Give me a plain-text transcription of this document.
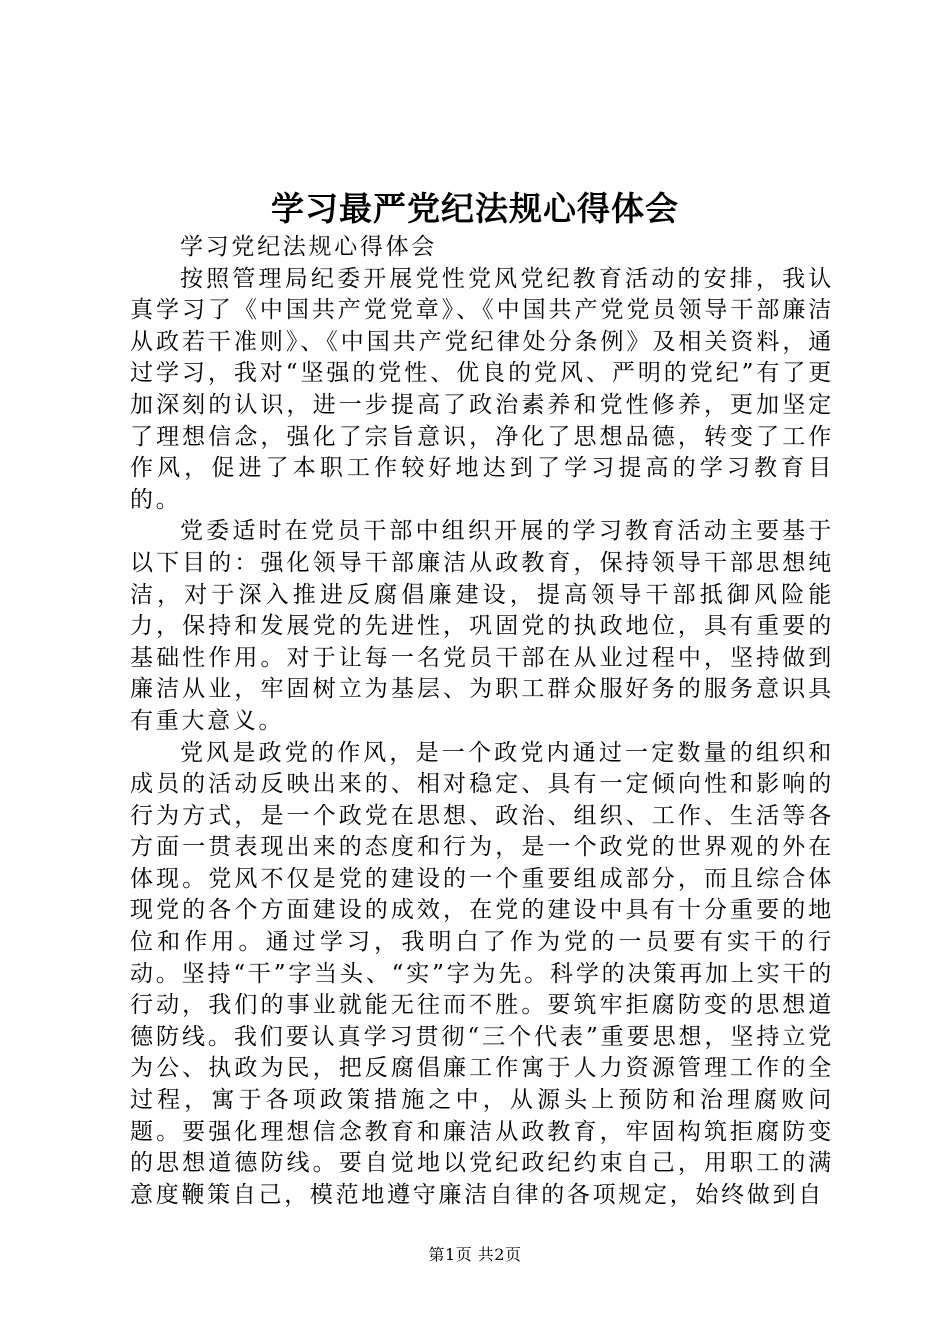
学习最严党纪法规心得体会

学习党纪法规心得体会

按照管理局纪委开展党性党风党纪教育活动的安排，我认真学习了《中国共产党党章》、《中国共产党党员领导干部廉洁从政若干准则》、《中国共产党纪律处分条例》及相关资料，通过学习，我对“坚强的党性、优良的党风、严明的党纪”有了更加深刻的认识，进一步提高了政治素养和党性修养，更加坚定了理想信念，强化了宗旨意识，净化了思想品德，转变了工作作风，促进了本职工作较好地达到了学习提高的学习教育目的。

党委适时在党员干部中组织开展的学习教育活动主要基于以下目的：强化领导干部廉洁从政教育，保持领导干部思想纯洁，对于深入推进反腐倡廉建设，提高领导干部抵御风险能力，保持和发展党的先进性，巩固党的执政地位，具有重要的基础性作用。对于让每一名党员干部在从业过程中，坚持做到廉洁从业，牢固树立为基层、为职工群众服好务的服务意识具有重大意义。

党风是政党的作风，是一个政党内通过一定数量的组织和成员的活动反映出来的、相对稳定、具有一定倾向性和影响的行为方式，是一个政党在思想、政治、组织、工作、生活等各方面一贯表现出来的态度和行为，是一个政党的世界观的外在体现。党风不仅是党的建设的一个重要组成部分，而且综合体现党的各个方面建设的成效，在党的建设中具有十分重要的地位和作用。通过学习，我明白了作为党的一员要有实干的行动。坚持“干”字当头、“实”字为先。科学的决策再加上实干的行动，我们的事业就能无往而不胜。要筑牢拒腐防变的思想道德防线。我们要认真学习贯彻“三个代表”重要思想，坚持立党为公、执政为民，把反腐倡廉工作寓于人力资源管理工作的全过程，寓于各项政策措施之中，从源头上预防和治理腐败问题。要强化理想信念教育和廉洁从政教育，牢固构筑拒腐防变的思想道德防线。要自觉地以党纪政纪约束自己，用职工的满意度鞭策自己，模范地遵守廉洁自律的各项规定，始终做到自

第1页 共2页
